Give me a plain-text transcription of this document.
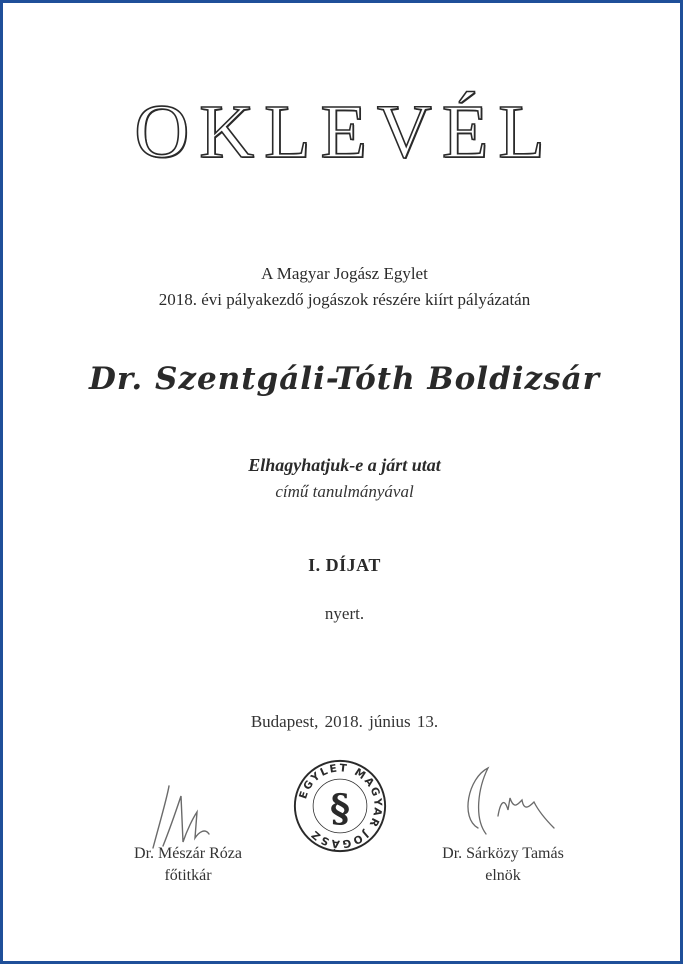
OKLEVÉL
A Magyar Jogász Egylet
2018. évi pályakezdő jogászok részére kiírt pályázatán
Dr. Szentgáli-Tóth Boldizsár
Elhagyhatjuk-e a járt utat
című tanulmányával
I. DÍJAT
nyert.
Budapest, 2018. június 13.
Dr. Mészár Róza
főtitkár
EGYLET MAGYAR JOGÁSZ
§
Dr. Sárközy Tamás
elnök
